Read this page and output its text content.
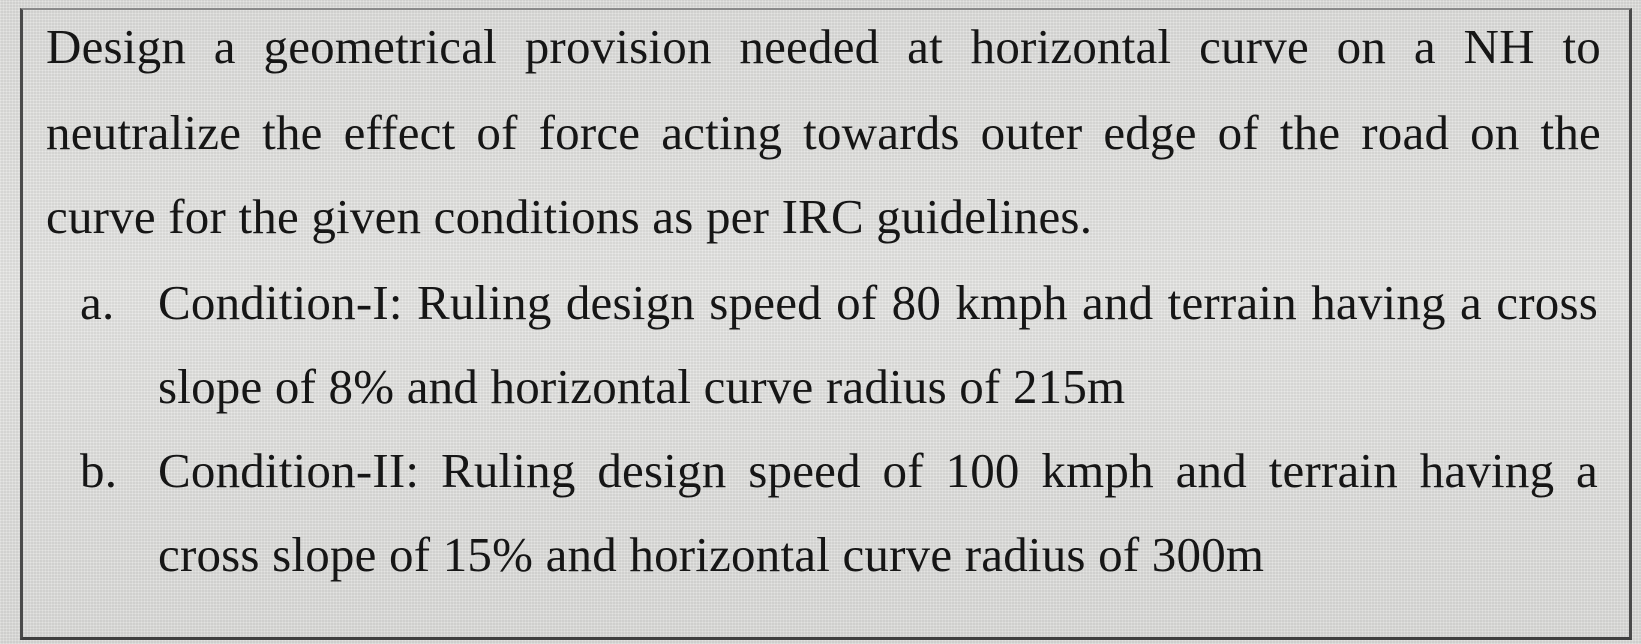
Design a geometrical provision needed at horizontal curve on a NH to
neutralize the effect of force acting towards outer edge of the road on the
curve for the given conditions as per IRC guidelines.
a. Condition-I: Ruling design speed of 80 kmph and terrain having a cross
slope of 8% and horizontal curve radius of 215m
b. Condition-II: Ruling design speed of 100 kmph and terrain having a
cross slope of 15% and horizontal curve radius of 300m
